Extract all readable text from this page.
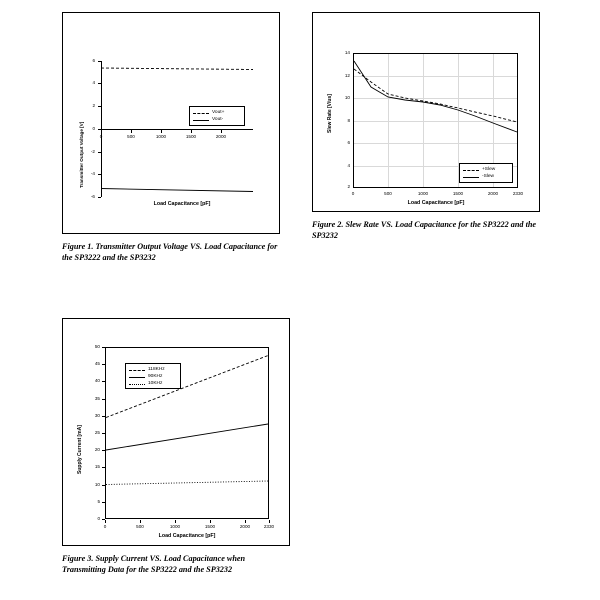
Transmitter Output Voltage [V]
6
4
2
0
-2
-4
-6
0	500	1000	1500	2000
Vout+
Vout-
Load Capacitance [pF]
Figure 1. Transmitter Output Voltage VS. Load Capacitance for the SP3222 and the SP3232
Slew Rate [V/us]
14
12
10
8
6
4
2
0	500	1000	1500	2000	2330
+Slew
-Slew
Load Capacitance [pF]
Figure 2. Slew Rate VS. Load Capacitance for the SP3222 and the SP3232
Supply Current [mA]
50
45
40
35
30
25
20
15
10
5
0
0	500	1000	1500	2000	2330
118KHz
90KHz
10KHz
Load Capacitance [pF]
Figure 3. Supply Current VS. Load Capacitance when Transmitting Data for the SP3222 and the SP3232
